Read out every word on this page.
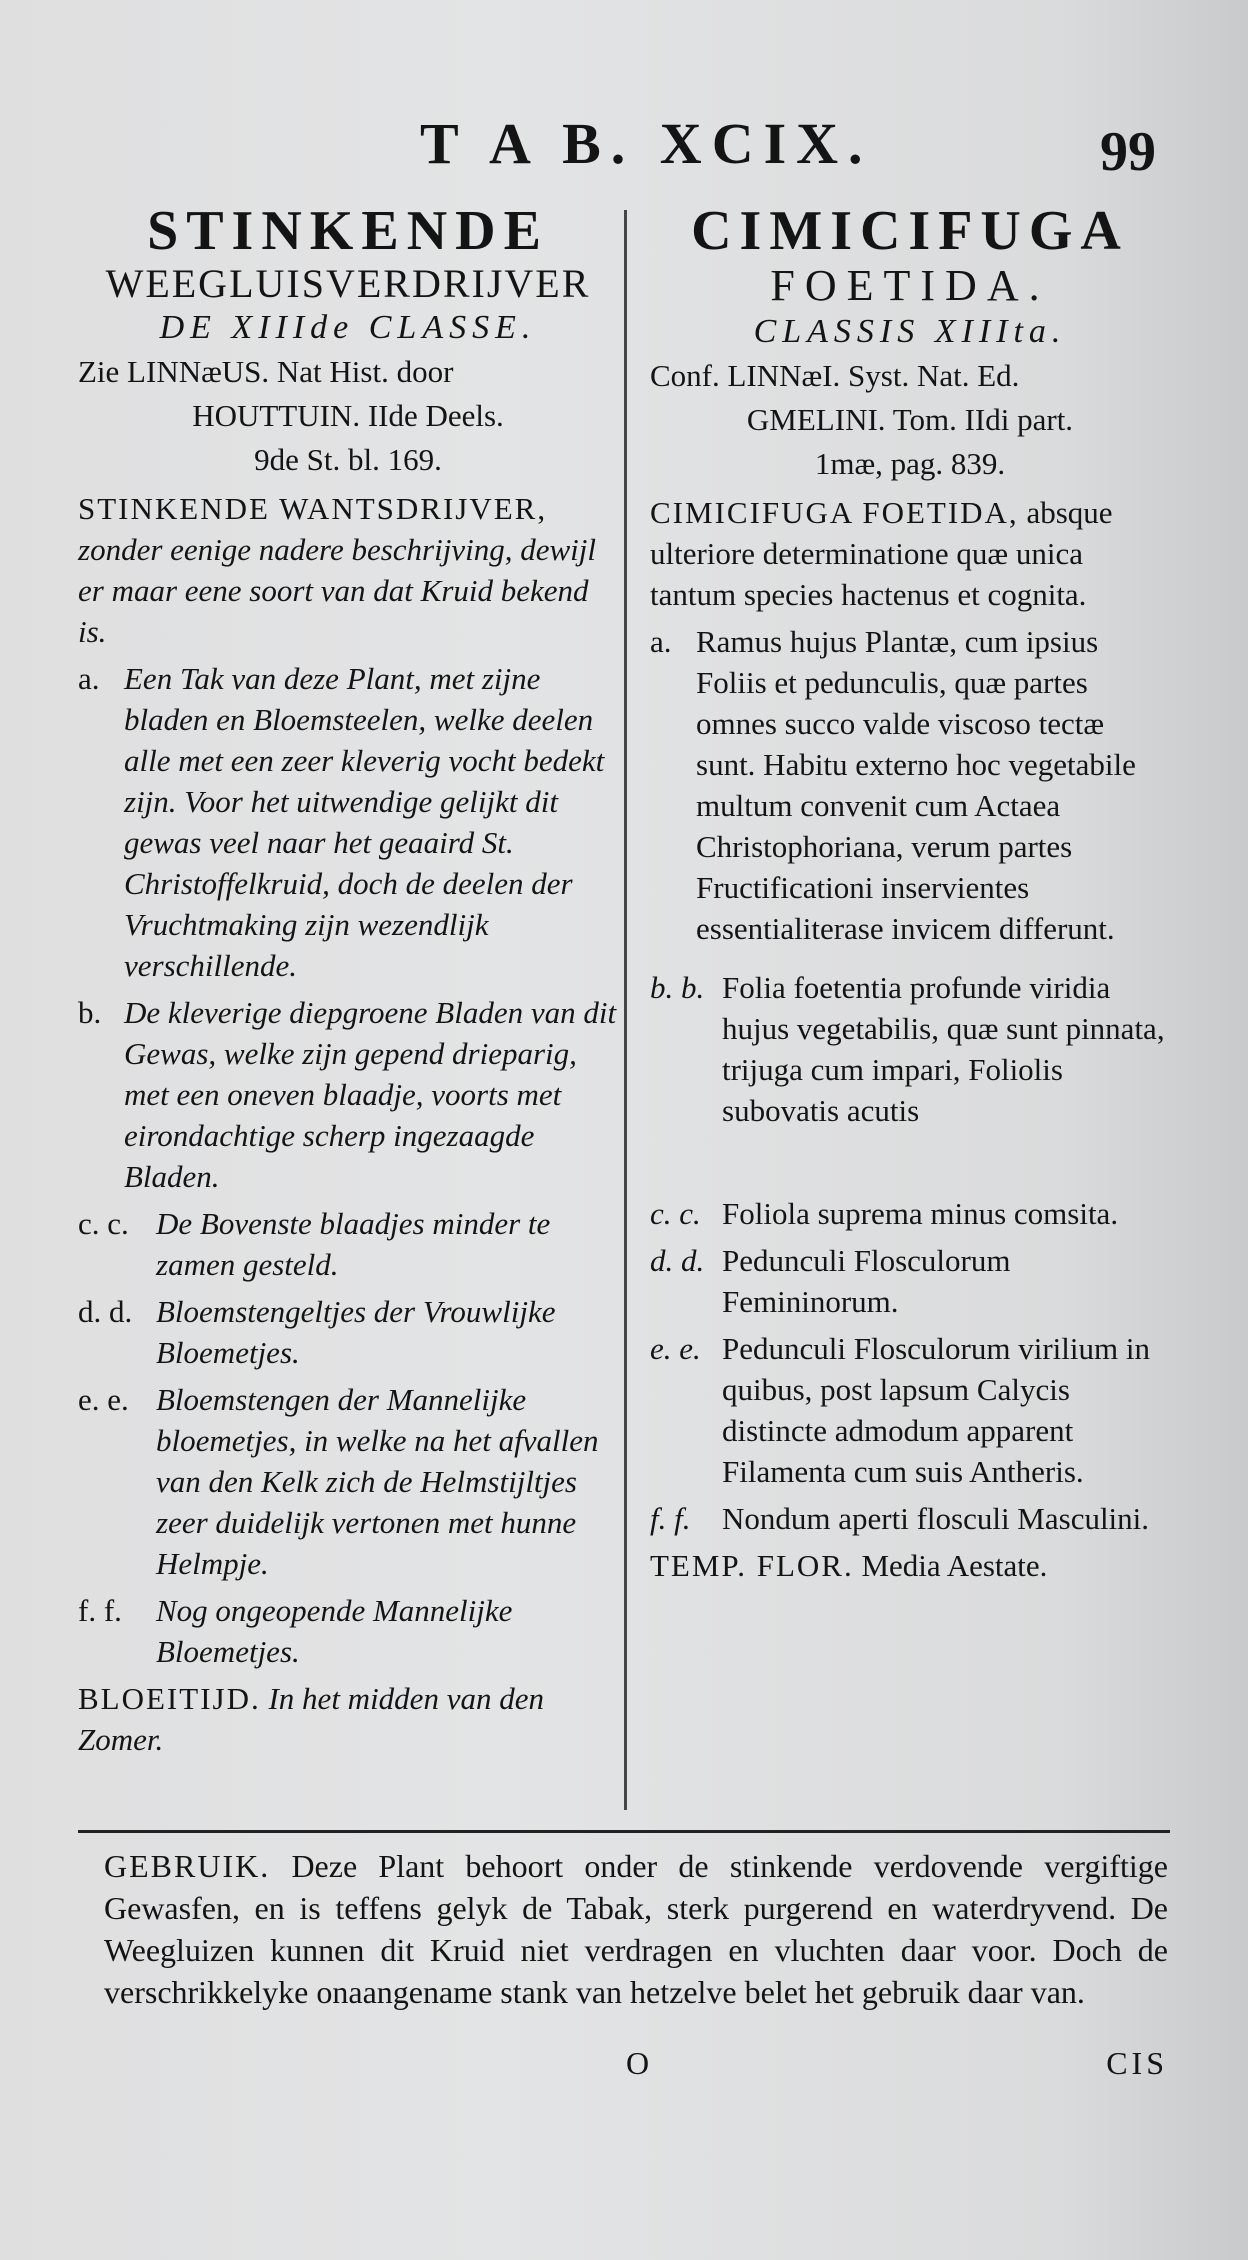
T A B. XCIX.	99
STINKENDE
WEEGLUISVERDRIJVER
DE XIIIde CLASSE.
Zie LINNæUS. Nat Hist. door
HOUTTUIN. IIde Deels.
9de St. bl. 169.
STINKENDE WANTSDRIJVER, zonder eenige nadere beschrijving, dewijl er maar eene soort van dat Kruid bekend is.
a. Een Tak van deze Plant, met zijne bladen en Bloemsteelen, welke deelen alle met een zeer kleverig vocht bedekt zijn. Voor het uitwendige gelijkt dit gewas veel naar het geaaird St. Christoffelkruid, doch de deelen der Vruchtmaking zijn wezendlijk verschillende.
b. De kleverige diepgroene Bladen van dit Gewas, welke zijn gepend drieparig, met een oneven blaadje, voorts met eirondachtige scherp ingezaagde Bladen.
c. c. De Bovenste blaadjes minder te zamen gesteld.
d. d. Bloemstengeltjes der Vrouwlijke Bloemetjes.
e. e. Bloemstengen der Mannelijke bloemetjes, in welke na het afvallen van den Kelk zich de Helmstijltjes zeer duidelijk vertonen met hunne Helmpje.
f. f. Nog ongeopende Mannelijke Bloemetjes.
BLOEITIJD. In het midden van den Zomer.
CIMICIFUGA
FOETIDA.
CLASSIS XIIIta.
Conf. LINNæI. Syst. Nat. Ed.
GMELINI. Tom. IIdi part.
1mæ, pag. 839.
CIMICIFUGA FOETIDA, absque ulteriore determinatione quæ unica tantum species hactenus et cognita.
a. Ramus hujus Plantæ, cum ipsius Foliis et pedunculis, quæ partes omnes succo valde viscoso tectæ sunt. Habitu externo hoc vegetabile multum convenit cum Actaea Christophoriana, verum partes Fructificationi inservientes essentialiterase invicem differunt.
b. b. Folia foetentia profunde viridia hujus vegetabilis, quæ sunt pinnata, trijuga cum impari, Foliolis subovatis acutis
c. c. Foliola suprema minus comsita.
d. d. Pedunculi Flosculorum Femininorum.
e. e. Pedunculi Flosculorum virilium in quibus, post lapsum Calycis distincte admodum apparent Filamenta cum suis Antheris.
f. f. Nondum aperti flosculi Masculini.
TEMP. FLOR. Media Aestate.
GEBRUIK. Deze Plant behoort onder de stinkende verdovende vergiftige Gewasfen, en is teffens gelyk de Tabak, sterk purgerend en waterdryvend. De Weegluizen kunnen dit Kruid niet verdragen en vluchten daar voor. Doch de verschrikkelyke onaangename stank van hetzelve belet het gebruik daar van.
O	CIS
